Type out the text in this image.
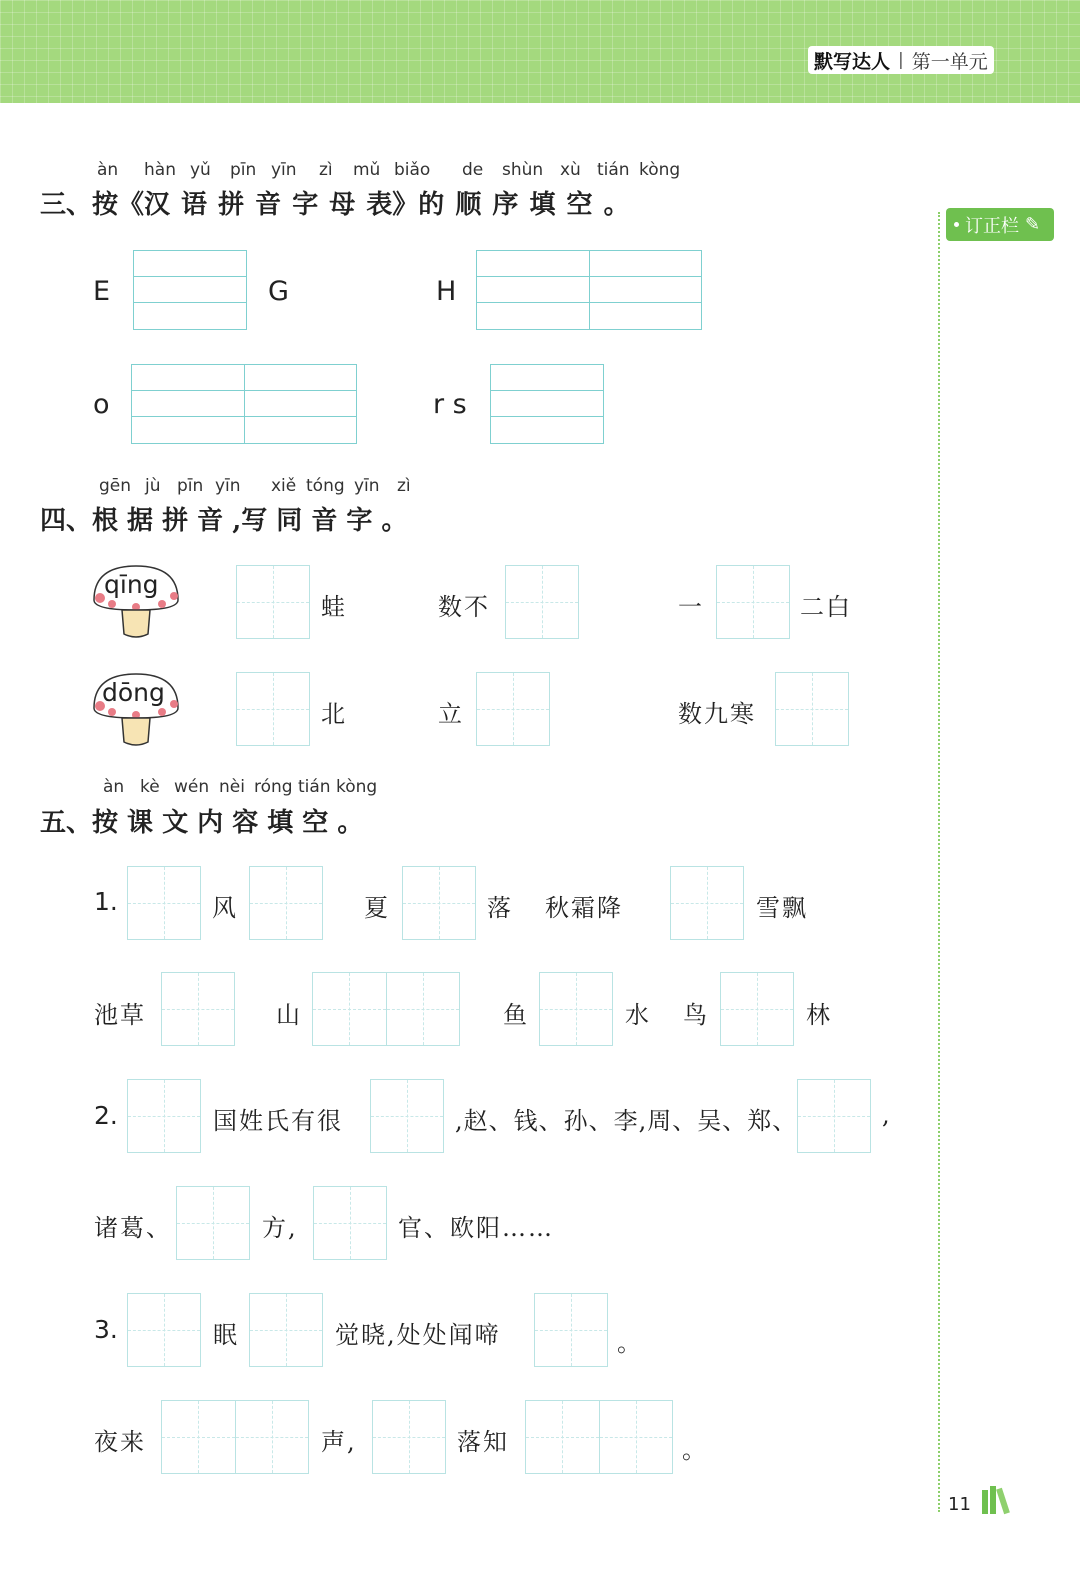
默写达人 | 第一单元
订正栏 ✎
àn hàn yǔ pīn yīn zì mǔ biǎo de shùn xù tián kòng
三、按《汉 语 拼 音 字 母 表》的 顺 序 填 空 。
E	G	H
o	r s
gēn jù pīn yīn xiě tóng yīn zì
四、根 据 拼 音 ,写 同 音 字 。
qīng
蛙	数不	一	二白
dōng
北	立	数九寒
àn kè wén nèi róng tián kòng
五、按 课 文 内 容 填 空 。
1.	风	夏	落 秋霜降	雪飘
池草	山	鱼	水 鸟	林
2.	国姓氏有很	,赵、钱、孙、李,周、吴、郑、	,
诸葛、	方,	官、欧阳……
3.	眠	觉晓,处处闻啼	。
夜来	声,	落知	。
11
